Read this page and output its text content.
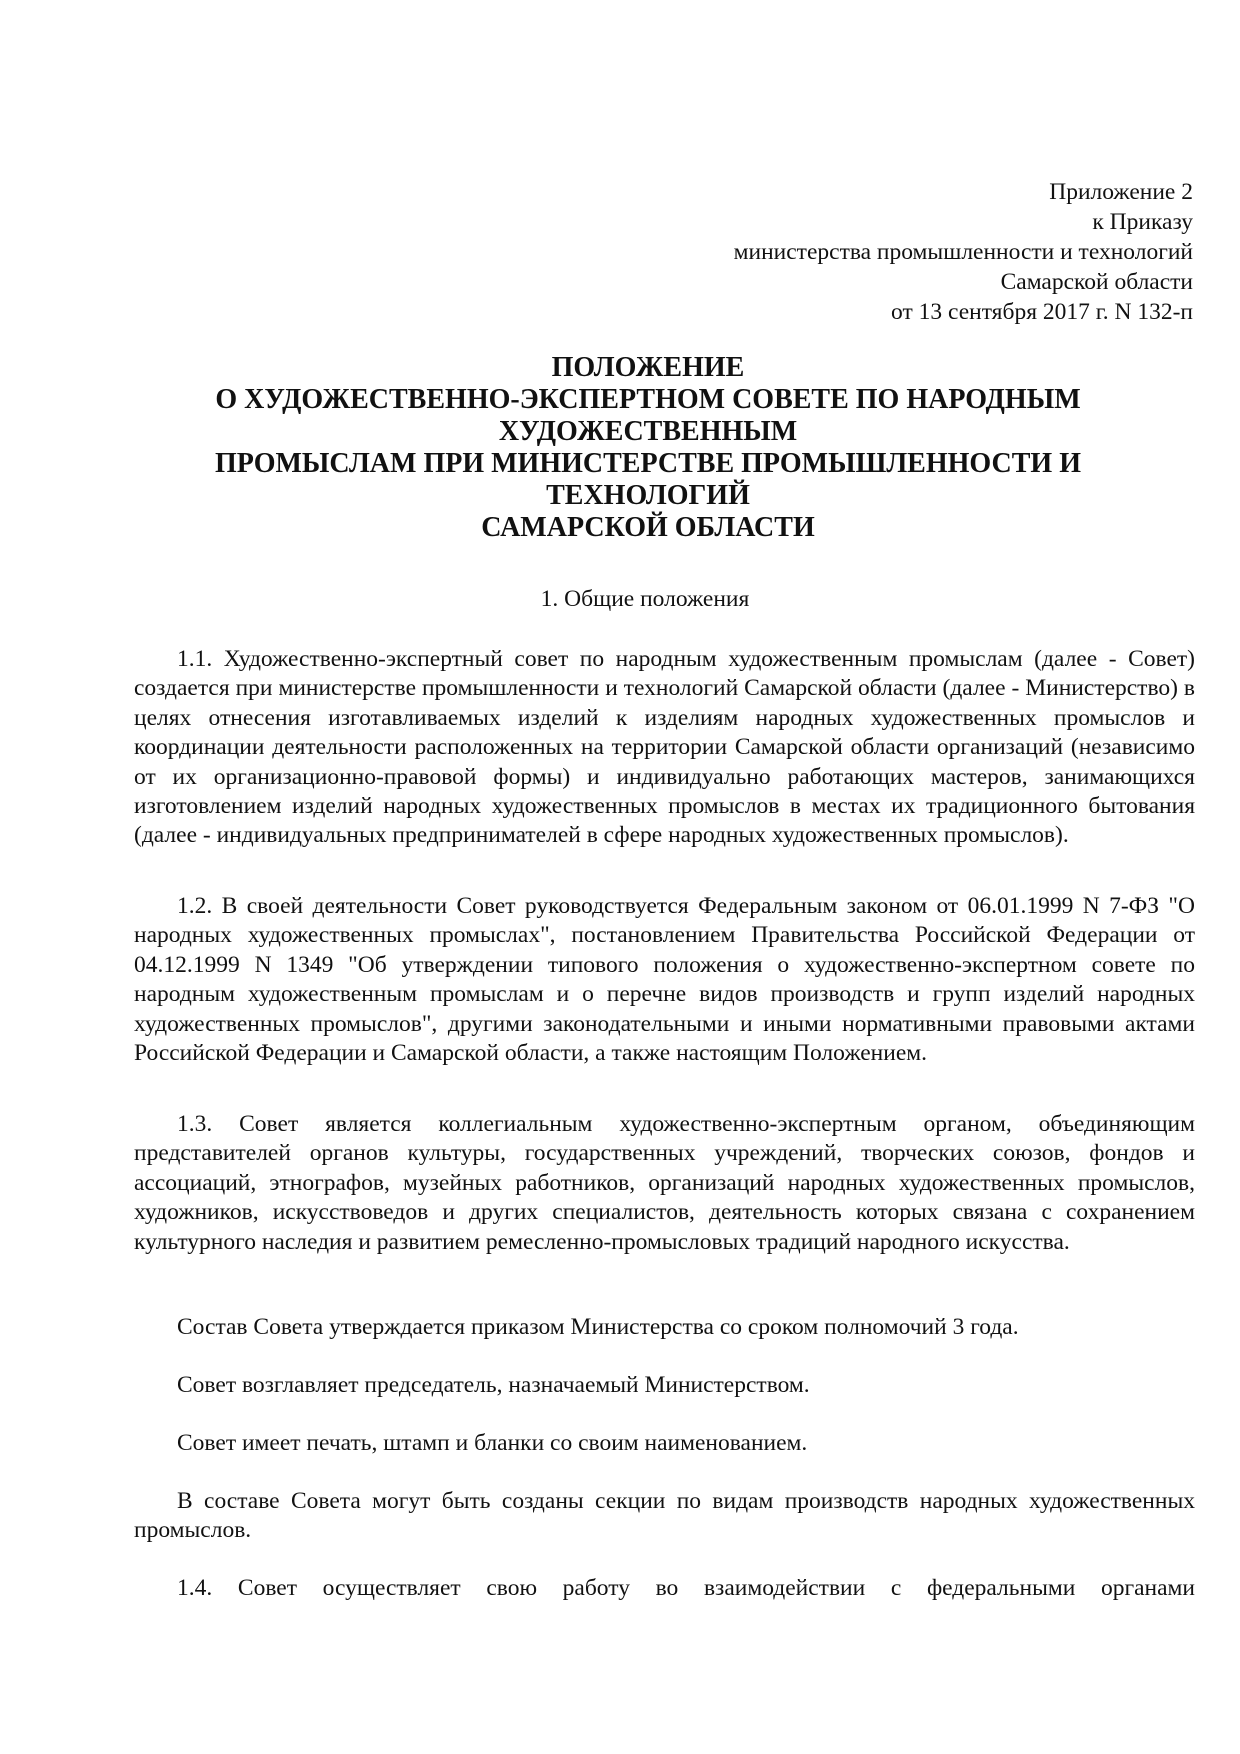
Приложение 2
к Приказу
министерства промышленности и технологий
Самарской области
от 13 сентября 2017 г. N 132-п
ПОЛОЖЕНИЕ
О ХУДОЖЕСТВЕННО-ЭКСПЕРТНОМ СОВЕТЕ ПО НАРОДНЫМ
ХУДОЖЕСТВЕННЫМ
ПРОМЫСЛАМ ПРИ МИНИСТЕРСТВЕ ПРОМЫШЛЕННОСТИ И
ТЕХНОЛОГИЙ
САМАРСКОЙ ОБЛАСТИ
1. Общие положения

1.1. Художественно-экспертный совет по народным художественным промыслам (далее - Совет) создается при министерстве промышленности и технологий Самарской области (далее - Министерство) в целях отнесения изготавливаемых изделий к изделиям народных художественных промыслов и координации деятельности расположенных на территории Самарской области организаций (независимо от их организационно-правовой формы) и индивидуально работающих мастеров, занимающихся изготовлением изделий народных художественных промыслов в местах их традиционного бытования (далее - индивидуальных предпринимателей в сфере народных художественных промыслов).

1.2. В своей деятельности Совет руководствуется Федеральным законом от 06.01.1999 N 7-ФЗ "О народных художественных промыслах", постановлением Правительства Российской Федерации от 04.12.1999 N 1349 "Об утверждении типового положения о художественно-экспертном совете по народным художественным промыслам и о перечне видов производств и групп изделий народных художественных промыслов", другими законодательными и иными нормативными правовыми актами Российской Федерации и Самарской области, а также настоящим Положением.

1.3. Совет является коллегиальным художественно-экспертным органом, объединяющим представителей органов культуры, государственных учреждений, творческих союзов, фондов и ассоциаций, этнографов, музейных работников, организаций народных художественных промыслов, художников, искусствоведов и других специалистов, деятельность которых связана с сохранением культурного наследия и развитием ремесленно-промысловых традиций народного искусства.

Состав Совета утверждается приказом Министерства со сроком полномочий 3 года.

Совет возглавляет председатель, назначаемый Министерством.

Совет имеет печать, штамп и бланки со своим наименованием.

В составе Совета могут быть созданы секции по видам производств народных художественных промыслов.

1.4. Совет осуществляет свою работу во взаимодействии с федеральными органами
